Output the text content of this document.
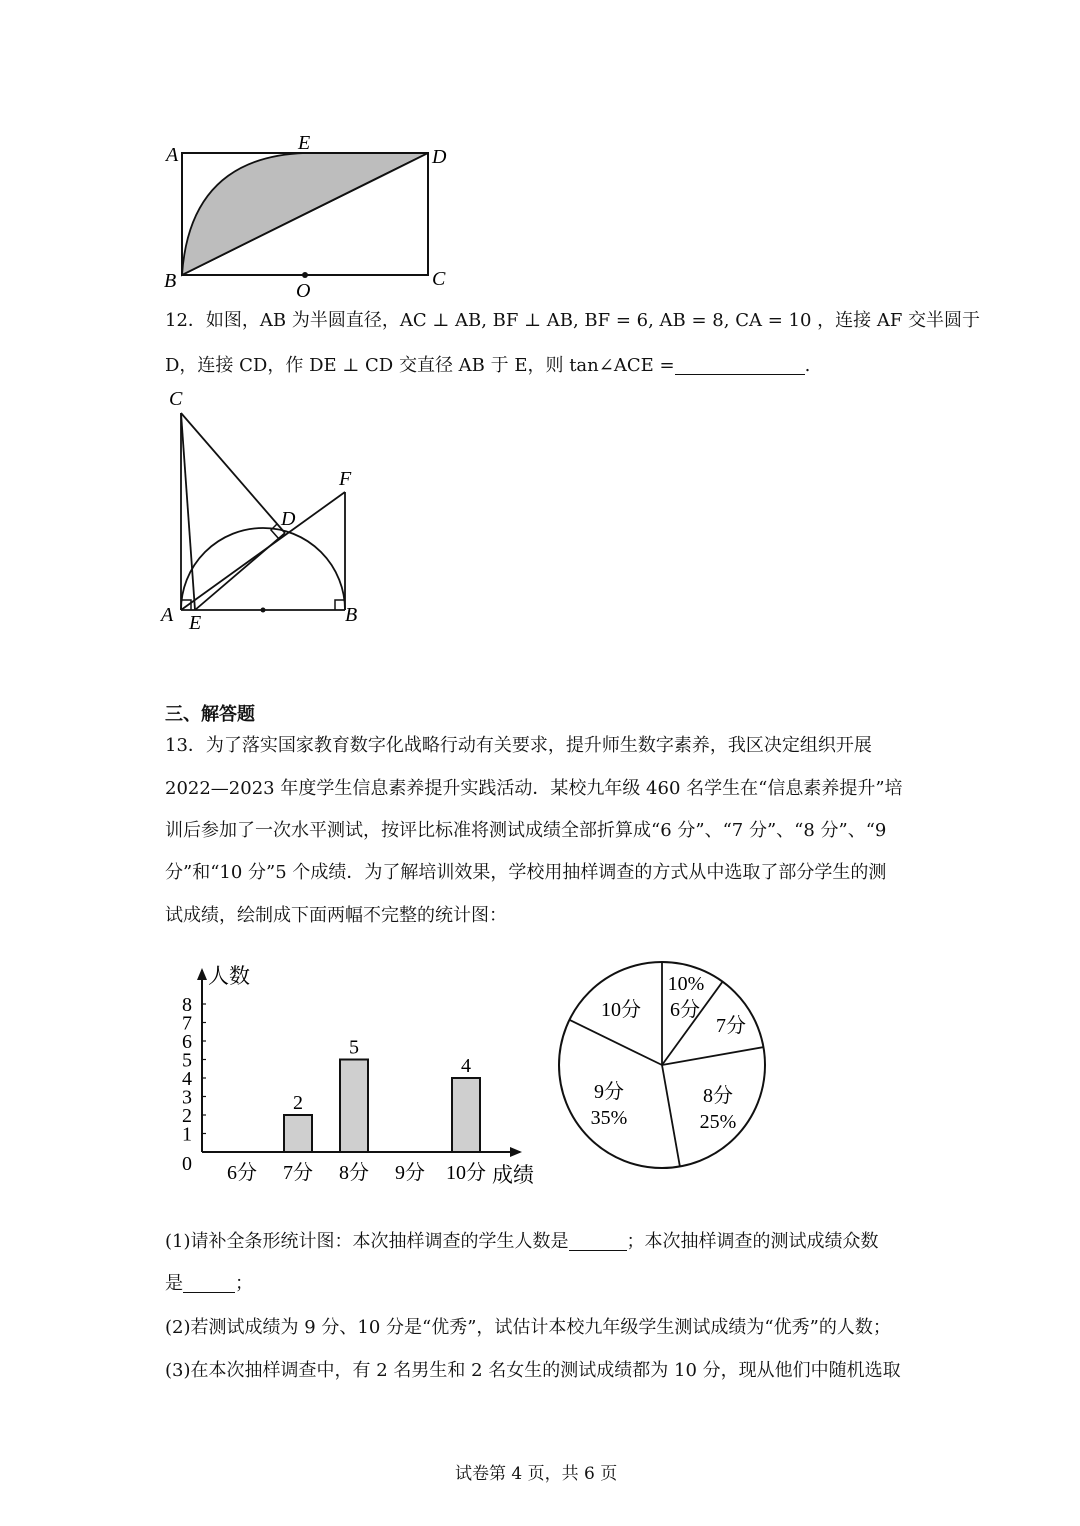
A
E
D
B	O
C
12．如图，AB 为半圆直径，AC ⊥ AB, BF ⊥ AB, BF = 6, AB = 8, CA = 10 ，连接 AF 交半圆于
D，连接 CD，作 DE ⊥ CD 交直径 AB 于 E，则 tan∠ACE =	.
C
F
D
A E	B
三、解答题
13．为了落实国家教育数字化战略行动有关要求，提升师生数字素养，我区决定组织开展
2022—2023 年度学生信息素养提升实践活动．某校九年级 460 名学生在“信息素养提升”培
训后参加了一次水平测试，按评比标准将测试成绩全部折算成“6 分”、“7 分”、“8 分”、“9
分”和“10 分”5 个成绩．为了解培训效果，学校用抽样调查的方式从中选取了部分学生的测
试成绩，绘制成下面两幅不完整的统计图：
人数
0
1
2
3
4
5
6
7
8
6分 7分
2
8分
5
9分 10分
4
成绩
6分
10%
7分
8分
25%
9分
35%
10分
(1)请补全条形统计图：本次抽样调查的学生人数是	；本次抽样调查的测试成绩众数
是	；
(2)若测试成绩为 9 分、10 分是“优秀”，试估计本校九年级学生测试成绩为“优秀”的人数；
(3)在本次抽样调查中，有 2 名男生和 2 名女生的测试成绩都为 10 分，现从他们中随机选取
试卷第 4 页，共 6 页
